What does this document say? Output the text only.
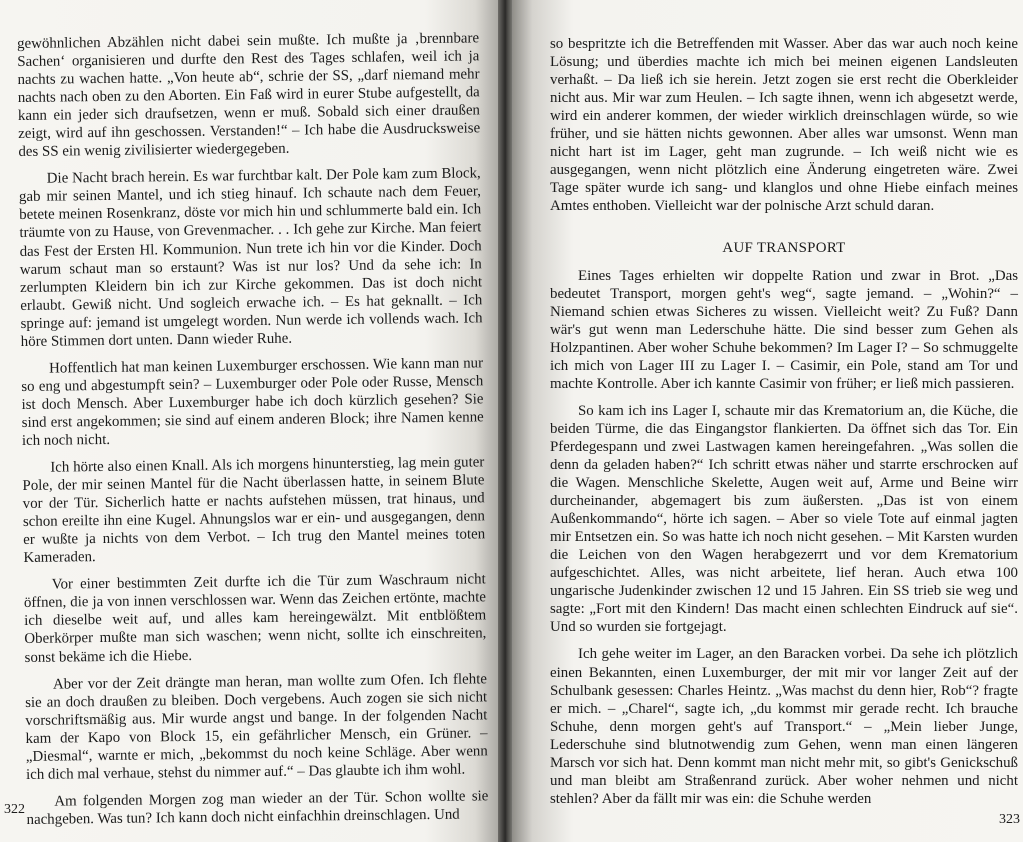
gewöhnlichen Abzählen nicht dabei sein mußte. Ich mußte ja ‚brennbare Sachen‘ organisieren und durfte den Rest des Tages schlafen, weil ich ja nachts zu wachen hatte. „Von heute ab“, schrie der SS, „darf niemand mehr nachts nach oben zu den Aborten. Ein Faß wird in eurer Stube aufgestellt, da kann ein jeder sich draufsetzen, wenn er muß. Sobald sich einer draußen zeigt, wird auf ihn geschossen. Verstanden!“ – Ich habe die Ausdrucksweise des SS ein wenig zivilisierter wiedergegeben.

Die Nacht brach herein. Es war furchtbar kalt. Der Pole kam zum Block, gab mir seinen Mantel, und ich stieg hinauf. Ich schaute nach dem Feuer, betete meinen Rosenkranz, döste vor mich hin und schlummerte bald ein. Ich träumte von zu Hause, von Grevenmacher. . . Ich gehe zur Kirche. Man feiert das Fest der Ersten Hl. Kommunion. Nun trete ich hin vor die Kinder. Doch warum schaut man so erstaunt? Was ist nur los? Und da sehe ich: In zerlumpten Kleidern bin ich zur Kirche gekommen. Das ist doch nicht erlaubt. Gewiß nicht. Und sogleich erwache ich. – Es hat geknallt. – Ich springe auf: jemand ist umgelegt worden. Nun werde ich vollends wach. Ich höre Stimmen dort unten. Dann wieder Ruhe.

Hoffentlich hat man keinen Luxemburger erschossen. Wie kann man nur so eng und abgestumpft sein? – Luxemburger oder Pole oder Russe, Mensch ist doch Mensch. Aber Luxemburger habe ich doch kürzlich gesehen? Sie sind erst angekommen; sie sind auf einem anderen Block; ihre Namen kenne ich noch nicht.

Ich hörte also einen Knall. Als ich morgens hinunterstieg, lag mein guter Pole, der mir seinen Mantel für die Nacht überlassen hatte, in seinem Blute vor der Tür. Sicherlich hatte er nachts aufstehen müssen, trat hinaus, und schon ereilte ihn eine Kugel. Ahnungslos war er ein- und ausgegangen, denn er wußte ja nichts von dem Verbot. – Ich trug den Mantel meines toten Kameraden.

Vor einer bestimmten Zeit durfte ich die Tür zum Waschraum nicht öffnen, die ja von innen verschlossen war. Wenn das Zeichen ertönte, machte ich dieselbe weit auf, und alles kam hereingewälzt. Mit entblößtem Oberkörper mußte man sich waschen; wenn nicht, sollte ich einschreiten, sonst bekäme ich die Hiebe.

Aber vor der Zeit drängte man heran, man wollte zum Ofen. Ich flehte sie an doch draußen zu bleiben. Doch vergebens. Auch zogen sie sich nicht vorschriftsmäßig aus. Mir wurde angst und bange. In der folgenden Nacht kam der Kapo von Block 15, ein gefährlicher Mensch, ein Grüner. – „Diesmal“, warnte er mich, „bekommst du noch keine Schläge. Aber wenn ich dich mal verhaue, stehst du nimmer auf.“ – Das glaubte ich ihm wohl.

Am folgenden Morgen zog man wieder an der Tür. Schon wollte sie nachgeben. Was tun? Ich kann doch nicht einfachhin dreinschlagen. Und

322

so bespritzte ich die Betreffenden mit Wasser. Aber das war auch noch keine Lösung; und überdies machte ich mich bei meinen eigenen Landsleuten verhaßt. – Da ließ ich sie herein. Jetzt zogen sie erst recht die Oberkleider nicht aus. Mir war zum Heulen. – Ich sagte ihnen, wenn ich abgesetzt werde, wird ein anderer kommen, der wieder wirklich dreinschlagen würde, so wie früher, und sie hätten nichts gewonnen. Aber alles war umsonst. Wenn man nicht hart ist im Lager, geht man zugrunde. – Ich weiß nicht wie es ausgegangen, wenn nicht plötzlich eine Änderung eingetreten wäre. Zwei Tage später wurde ich sang- und klanglos und ohne Hiebe einfach meines Amtes enthoben. Vielleicht war der polnische Arzt schuld daran.

AUF TRANSPORT

Eines Tages erhielten wir doppelte Ration und zwar in Brot. „Das bedeutet Transport, morgen geht's weg“, sagte jemand. – „Wohin?“ – Niemand schien etwas Sicheres zu wissen. Vielleicht weit? Zu Fuß? Dann wär's gut wenn man Lederschuhe hätte. Die sind besser zum Gehen als Holzpantinen. Aber woher Schuhe bekommen? Im Lager I? – So schmuggelte ich mich von Lager III zu Lager I. – Casimir, ein Pole, stand am Tor und machte Kontrolle. Aber ich kannte Casimir von früher; er ließ mich passieren.

So kam ich ins Lager I, schaute mir das Krematorium an, die Küche, die beiden Türme, die das Eingangstor flankierten. Da öffnet sich das Tor. Ein Pferdegespann und zwei Lastwagen kamen hereingefahren. „Was sollen die denn da geladen haben?“ Ich schritt etwas näher und starrte erschrocken auf die Wagen. Menschliche Skelette, Augen weit auf, Arme und Beine wirr durcheinander, abgemagert bis zum äußersten. „Das ist von einem Außenkommando“, hörte ich sagen. – Aber so viele Tote auf einmal jagten mir Entsetzen ein. So was hatte ich noch nicht gesehen. – Mit Karsten wurden die Leichen von den Wagen herabgezerrt und vor dem Krematorium aufgeschichtet. Alles, was nicht arbeitete, lief heran. Auch etwa 100 ungarische Judenkinder zwischen 12 und 15 Jahren. Ein SS trieb sie weg und sagte: „Fort mit den Kindern! Das macht einen schlechten Eindruck auf sie“. Und so wurden sie fortgejagt.

Ich gehe weiter im Lager, an den Baracken vorbei. Da sehe ich plötzlich einen Bekannten, einen Luxemburger, der mit mir vor langer Zeit auf der Schulbank gesessen: Charles Heintz. „Was machst du denn hier, Rob“? fragte er mich. – „Charel“, sagte ich, „du kommst mir gerade recht. Ich brauche Schuhe, denn morgen geht's auf Transport.“ – „Mein lieber Junge, Lederschuhe sind blutnotwendig zum Gehen, wenn man einen längeren Marsch vor sich hat. Denn kommt man nicht mehr mit, so gibt's Genickschuß und man bleibt am Straßenrand zurück. Aber woher nehmen und nicht stehlen? Aber da fällt mir was ein: die Schuhe werden

323
